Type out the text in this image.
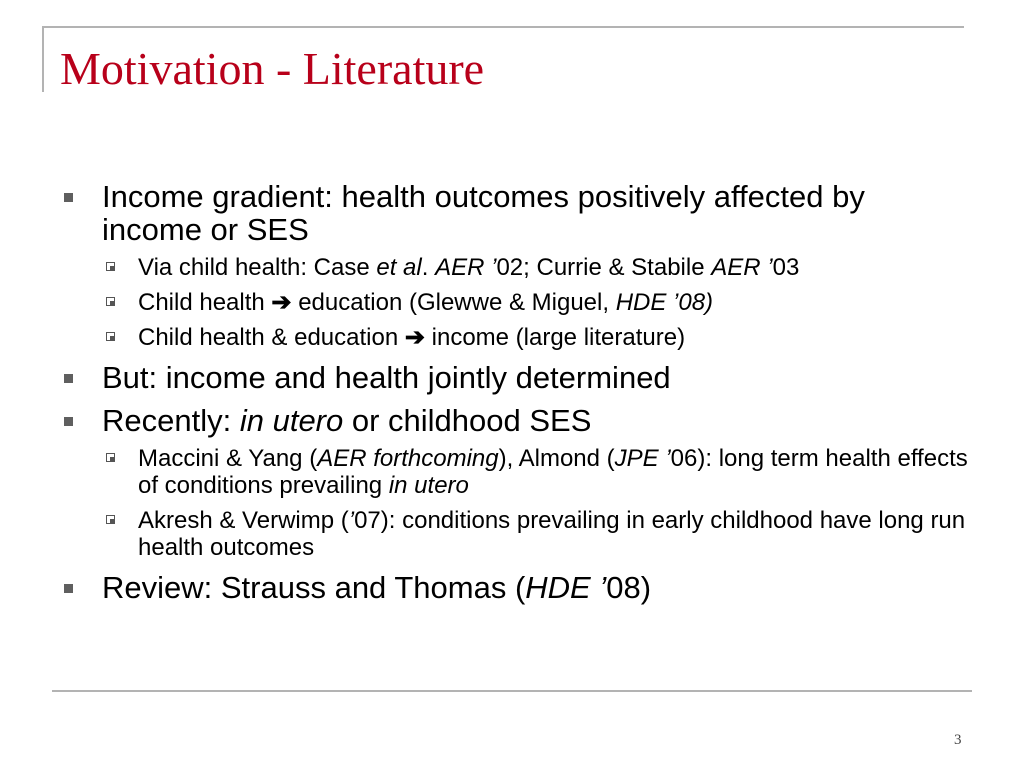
Motivation - Literature
Income gradient: health outcomes positively affected by income or SES
Via child health: Case et al. AER ’02; Currie & Stabile AER ’03
Child health ➔ education (Glewwe & Miguel, HDE ’08)
Child health & education ➔ income (large literature)
But: income and health jointly determined
Recently: in utero or childhood SES
Maccini & Yang (AER forthcoming), Almond (JPE ’06): long term health effects of conditions prevailing in utero
Akresh & Verwimp (’07): conditions prevailing in early childhood have long run health outcomes
Review: Strauss and Thomas (HDE ’08)
3
